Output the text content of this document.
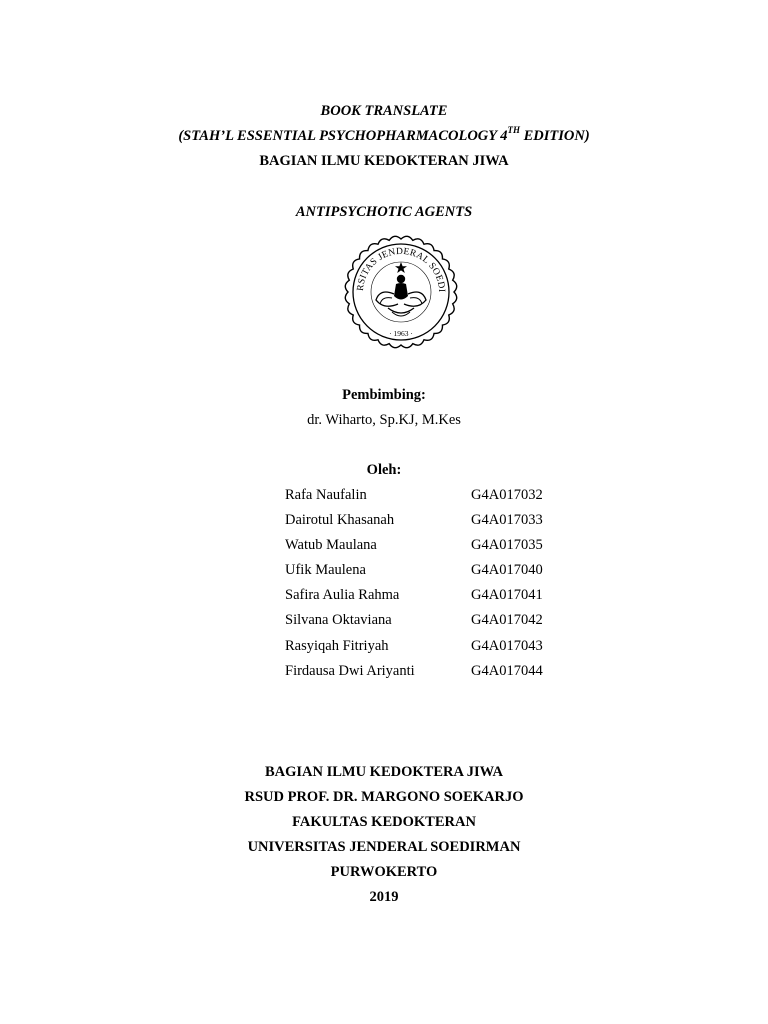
BOOK TRANSLATE
(STAH’L ESSENTIAL PSYCHOPHARMACOLOGY 4TH EDITION)
BAGIAN ILMU KEDOKTERAN JIWA
ANTIPSYCHOTIC AGENTS
RSITAS JENDERAL SOEDI
· 1963 ·
Pembimbing:
dr. Wiharto, Sp.KJ, M.Kes
Oleh:
Rafa Naufalin	G4A017032
Dairotul Khasanah	G4A017033
Watub Maulana	G4A017035
Ufik Maulena	G4A017040
Safira Aulia Rahma	G4A017041
Silvana Oktaviana	G4A017042
Rasyiqah Fitriyah	G4A017043
Firdausa Dwi Ariyanti	G4A017044
BAGIAN ILMU KEDOKTERA JIWA
RSUD PROF. DR. MARGONO SOEKARJO
FAKULTAS KEDOKTERAN
UNIVERSITAS JENDERAL SOEDIRMAN
PURWOKERTO
2019
